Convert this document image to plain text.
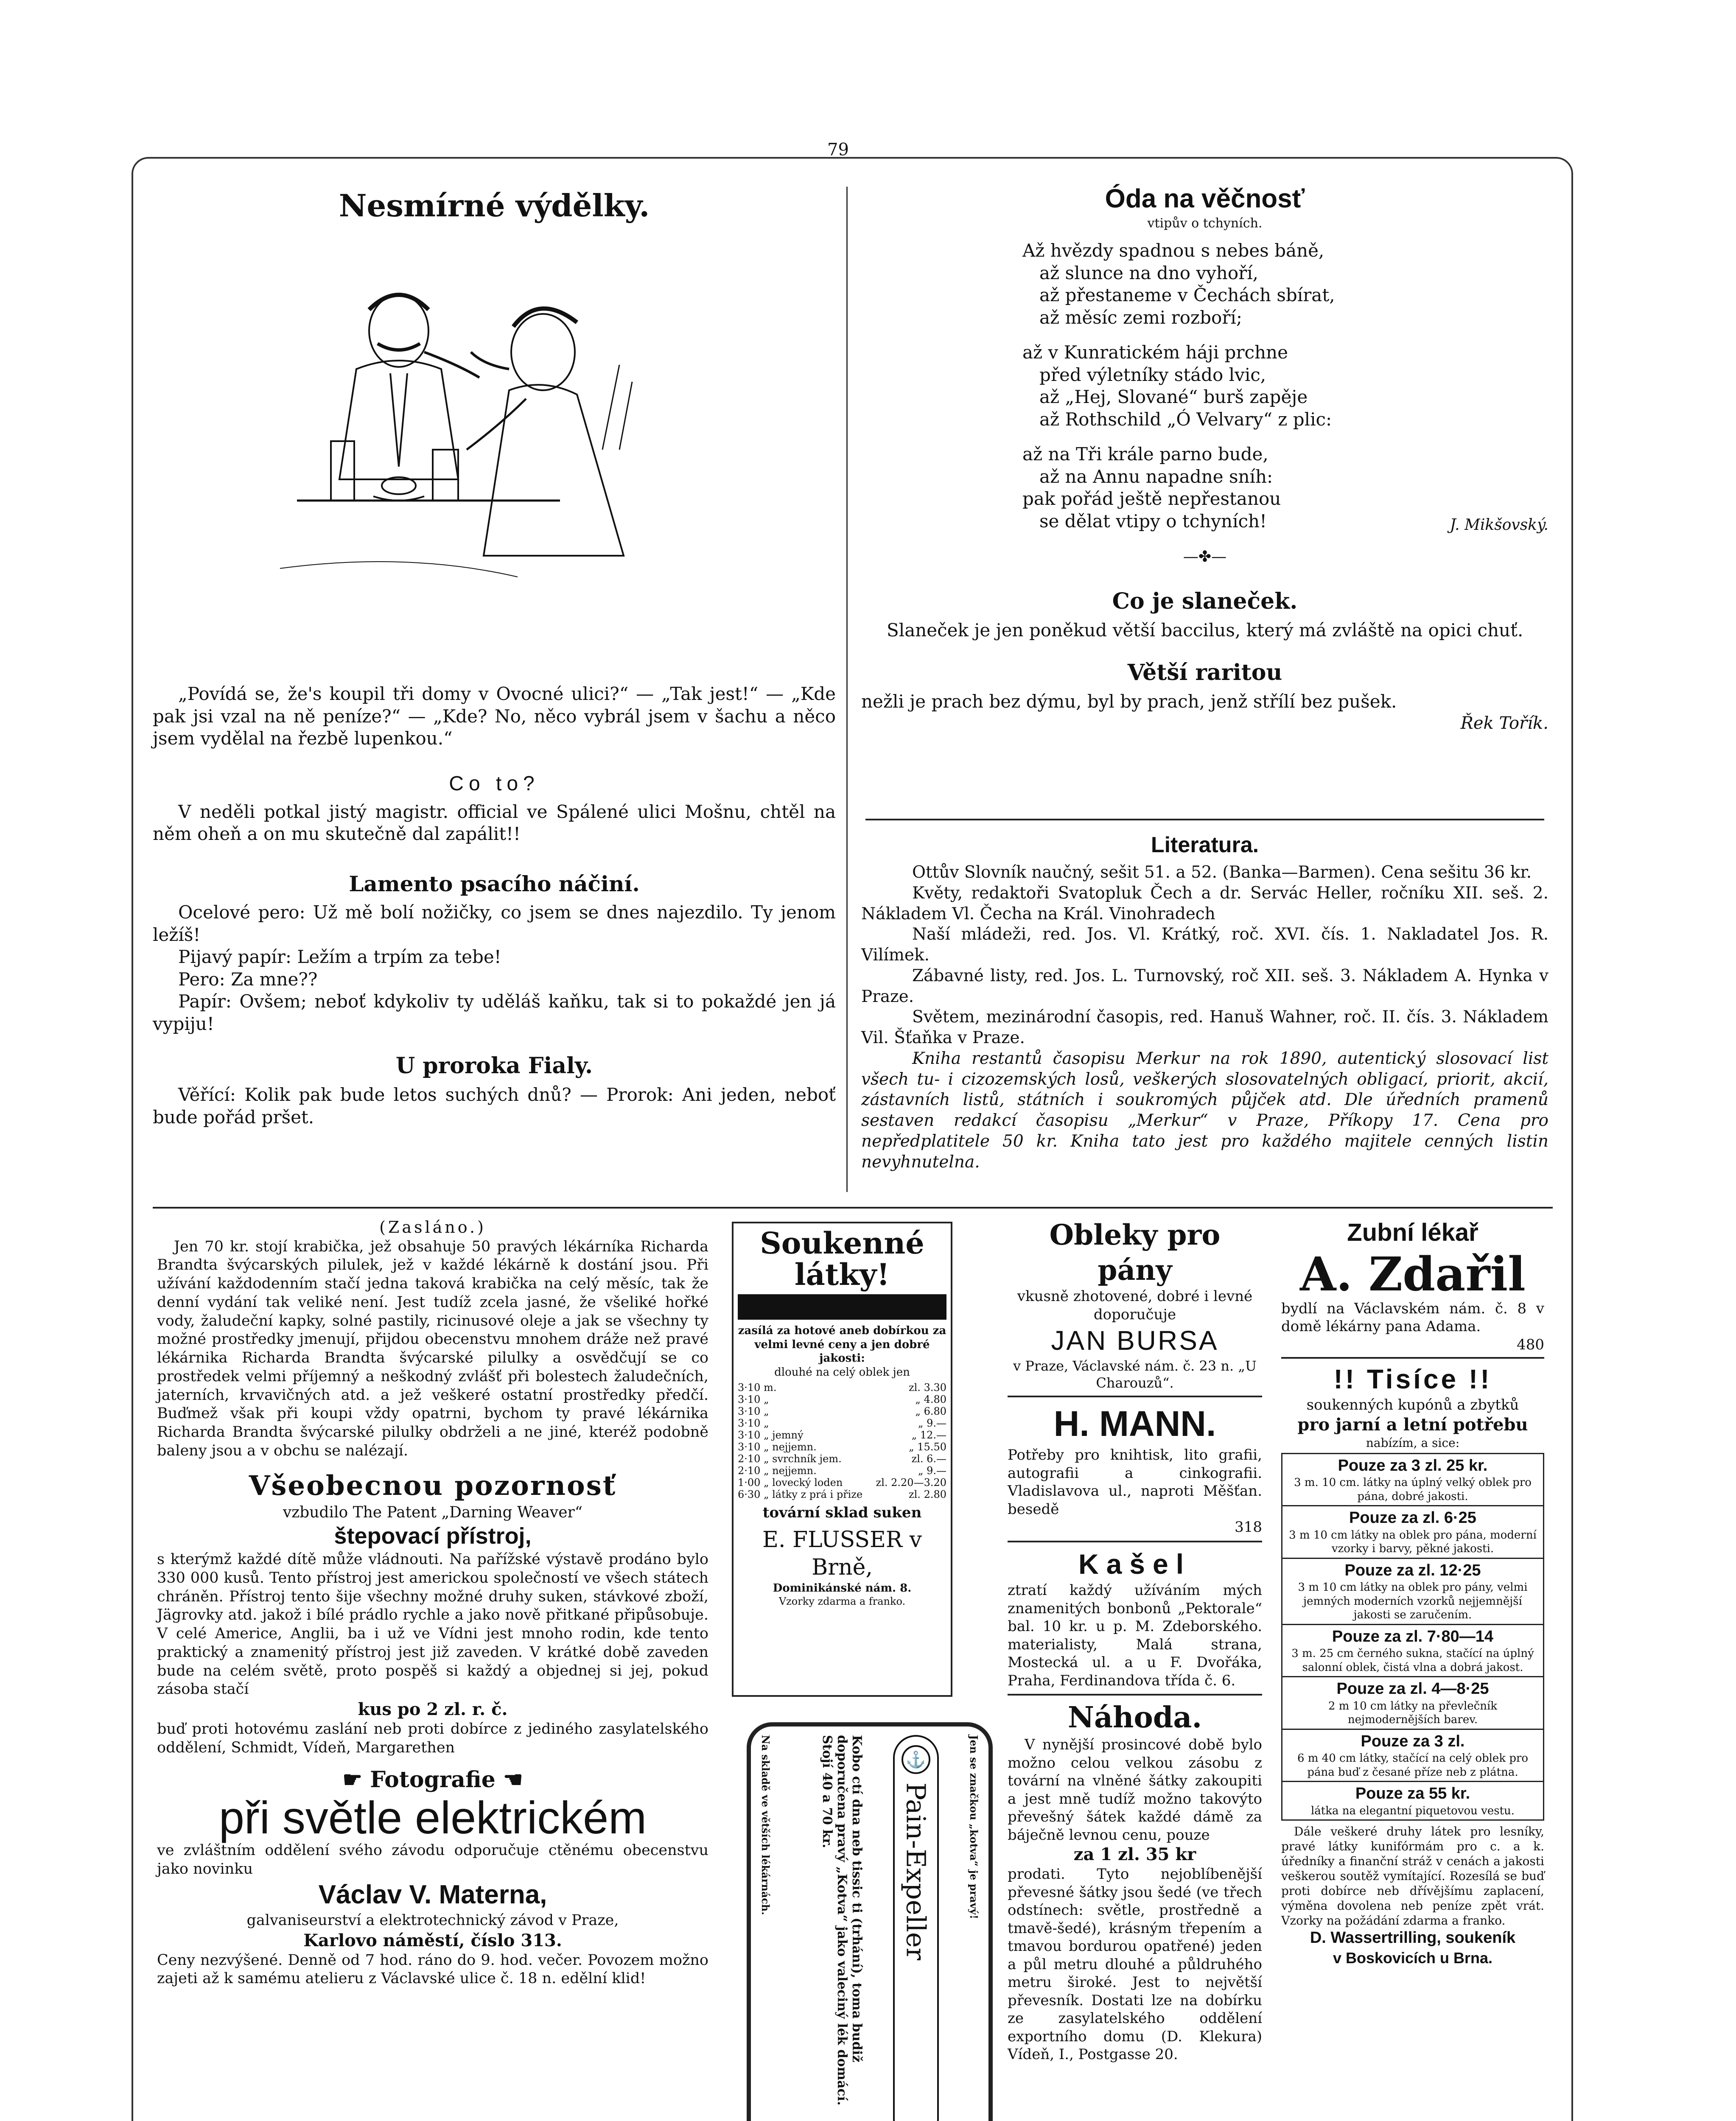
79
Nesmírné výdělky.

„Povídá se, že's koupil tři domy v Ovocné ulici?“ — „Tak jest!“ — „Kde pak jsi vzal na ně peníze?“ — „Kde? No, něco vybrál jsem v šachu a něco jsem vydělal na řezbě lupenkou.“

Co to?

V neděli potkal jistý magistr. official ve Spálené ulici Mošnu, chtěl na něm oheň a on mu skutečně dal zapálit!!

Lamento psacího náčiní.

Ocelové pero: Už mě bolí nožičky, co jsem se dnes najezdilo. Ty jenom ležíš!

Pijavý papír: Ležím a trpím za tebe!

Pero: Za mne??

Papír: Ovšem; neboť kdykoliv ty uděláš kaňku, tak si to pokaždé jen já vypiju!

U proroka Fialy.

Věřící: Kolik pak bude letos suchých dnů? — Prorok: Ani jeden, neboť bude pořád pršet.

Óda na věčnosť

vtipův o tchyních.

Až hvězdy spadnou s nebes báně,

až slunce na dno vyhoří,

až přestaneme v Čechách sbírat,

až měsíc zemi rozboří;

až v Kunratickém háji prchne

před výletníky stádo lvic,

až „Hej, Slované“ burš zapěje

až Rothschild „Ó Velvary“ z plic:

až na Tři krále parno bude,

až na Annu napadne sníh:

pak pořád ještě nepřestanou

se dělat vtipy o tchyních!	J. Mikšovský.

—✤—

Co je slaneček.

Slaneček je jen poněkud větší baccilus, který má zvláště na opici chuť.

Větší raritou

nežli je prach bez dýmu, byl by prach, jenž střílí bez pušek.

Řek Tořík.

Literatura.

Ottův Slovník naučný, sešit 51. a 52. (Banka—Barmen). Cena sešitu 36 kr.

Květy, redaktoři Svatopluk Čech a dr. Servác Heller, ročníku XII. seš. 2. Nákladem Vl. Čecha na Král. Vinohradech

Naší mládeži, red. Jos. Vl. Krátký, roč. XVI. čís. 1. Nakladatel Jos. R. Vilímek.

Zábavné listy, red. Jos. L. Turnovský, roč XII. seš. 3. Nákladem A. Hynka v Praze.

Světem, mezinárodní časopis, red. Hanuš Wahner, roč. II. čís. 3. Nákladem Vil. Šťaňka v Praze.

Kniha restantů časopisu Merkur na rok 1890, autentický slosovací list všech tu- i cizozemských losů, veškerých slosovatelných obligací, priorit, akcií, zástavních listů, státních i soukromých půjček atd. Dle úředních pramenů sestaven redakcí časopisu „Merkur“ v Praze, Příkopy 17. Cena pro nepředplatitele 50 kr. Kniha tato jest pro každého majitele cenných listin nevyhnutelna.

(Zasláno.)

Jen 70 kr. stojí krabička, jež obsahuje 50 pravých lékárníka Richarda Brandta švýcarských pilulek, jež v každé lékárně k dostání jsou. Při užívání každodenním stačí jedna taková krabička na celý měsíc, tak že denní vydání tak veliké není. Jest tudíž zcela jasné, že všeliké hořké vody, žaludeční kapky, solné pastily, ricinusové oleje a jak se všechny ty možné prostředky jmenují, přijdou obecenstvu mnohem dráže než pravé lékárnika Richarda Brandta švýcarské pilulky a osvědčují se co prostředek velmi příjemný a neškodný zvlášť při bolestech žaludečních, jaterních, krvavičných atd. a jež veškeré ostatní prostředky předčí. Buďmež však při koupi vždy opatrni, bychom ty pravé lékárnika Richarda Brandta švýcarské pilulky obdrželi a ne jiné, kteréž podobně baleny jsou a v obchu se nalézají.

Všeobecnou pozornosť

vzbudilo The Patent „Darning Weaver“

štepovací přístroj,

s kterýmž každé dítě může vládnouti. Na pařížské výstavě prodáno bylo 330 000 kusů. Tento přístroj jest americkou společností ve všech státech chráněn. Přístroj tento šije všechny možné druhy suken, stávkové zboží, Jägrovky atd. jakož i bílé prádlo rychle a jako nově přitkané připůsobuje. V celé Americe, Anglii, ba i už ve Vídni jest mnoho rodin, kde tento praktický a znamenitý přístroj jest již zaveden. V krátké době zaveden bude na celém světě, proto pospěš si každý a objednej si jej, pokud zásoba stačí

kus po 2 zl. r. č.

buď proti hotovému zaslání neb proti dobírce z jediného zasylatelského oddělení, Schmidt, Vídeň, Margarethen

☛ Fotografie ☚

při světle elektrickém

ve zvláštním oddělení svého závodu odporučuje ctěnému obecenstvu jako novinku

Václav V. Materna,

galvaniseurství a elektrotechnický závod v Praze,

Karlovo náměstí, číslo 313.

Ceny nezvýšené. Denně od 7 hod. ráno do 9. hod. večer. Povozem možno zajeti až k samému atelieru z Václavské ulice č. 18 n. edělní klid!

Soukenné látky!

zasílá za hotové aneb dobírkou za velmi levné ceny a jen dobré jakosti:

dlouhé na celý oblek jen

3·10 m.	zl. 3.30
3·10 „	„ 4.80
3·10 „	„ 6.80
3·10 „	„ 9.—
3·10 „ jemný	„ 12.—
3·10 „ nejjemn.	„ 15.50
2·10 „ svrchník jem.	zl. 6.—
2·10 „ nejjemn.	„ 9.—
1·00 „ lovecký loden	zl. 2.20—3.20
6·30 „ látky z prá i přize	zl. 2.80

tovární sklad suken

E. FLUSSER v Brně,

Dominikánské nám. 8.

Vzorky zdarma a franko.

Na skladě ve větších lékárnách.	Kobo ctí dna neb tissic ti (trhání), toma budiž doporučena pravý „Kotva“ jako valeciný lék domácí. Stojí 40 a 70 kr.	⚓
Pain-Expeller	Jen se značkou „kotva“ je pravý!

Obleky pro pány

vkusně zhotovené, dobré i levné doporučuje

JAN BURSA

v Praze, Václavské nám. č. 23 n. „U Charouzů“.

H. MANN.

Potřeby pro knihtisk, lito grafii, autografii a cinkografii. Vladislavova ul., naproti Měšťan. besedě

318

Kašel

ztratí každý užíváním mých znamenitých bonbonů „Pektorale“ bal. 10 kr. u p. M. Zdeborského. materialisty, Malá strana, Mostecká ul. a u F. Dvořáka, Praha, Ferdinandova třída č. 6.

Náhoda.

V nynější prosincové době bylo možno celou velkou zásobu z tovární na vlněné šátky zakoupiti a jest mně tudíž možno takovýto převešný šátek každé dámě za báječně levnou cenu, pouze

za 1 zl. 35 kr

prodati. Tyto nejoblíbenější převesné šátky jsou šedé (ve třech odstínech: světle, prostředně a tmavě-šedé), krásným třepením a tmavou bordurou opatřené) jeden a půl metru dlouhé a půldruhého metru široké. Jest to největší převesník. Dostati lze na dobírku ze zasylatelského oddělení exportního domu (D. Klekura) Vídeň, I., Postgasse 20.

Zubní lékař

A. Zdařil

bydlí na Václavském nám. č. 8 v domě lékárny pana Adama.

480

!! Tisíce !!

soukenných kupónů a zbytků

pro jarní a letní potřebu

nabízím, a sice:

Pouze za 3 zl. 25 kr.

3 m. 10 cm. látky na úplný velký oblek pro pána, dobré jakosti.

Pouze za zl. 6·25

3 m 10 cm látky na oblek pro pána, moderní vzorky i barvy, pěkné jakosti.

Pouze za zl. 12·25

3 m 10 cm látky na oblek pro pány, velmi jemných moderních vzorků nejjemnější jakosti se zaručením.

Pouze za zl. 7·80—14

3 m. 25 cm černého sukna, stačící na úplný salonní oblek, čistá vlna a dobrá jakost.

Pouze za zl. 4—8·25

2 m 10 cm látky na převlečník nejmodernějších barev.

Pouze za 3 zl.

6 m 40 cm látky, stačící na celý oblek pro pána buď z česané příze neb z plátna.

Pouze za 55 kr.

látka na elegantní piquetovou vestu.

Dále veškeré druhy látek pro lesníky, pravé látky kunifórmám pro c. a k. úředníky a finanční stráž v cenách a jakosti veškerou soutěž vymítající. Rozesílá se buď proti dobírce neb dřívějšímu zaplacení, výměna dovolena neb peníze zpět vrát. Vzorky na požádání zdarma a franko.

D. Wassertrilling, soukeník

v Boskovicích u Brna.
